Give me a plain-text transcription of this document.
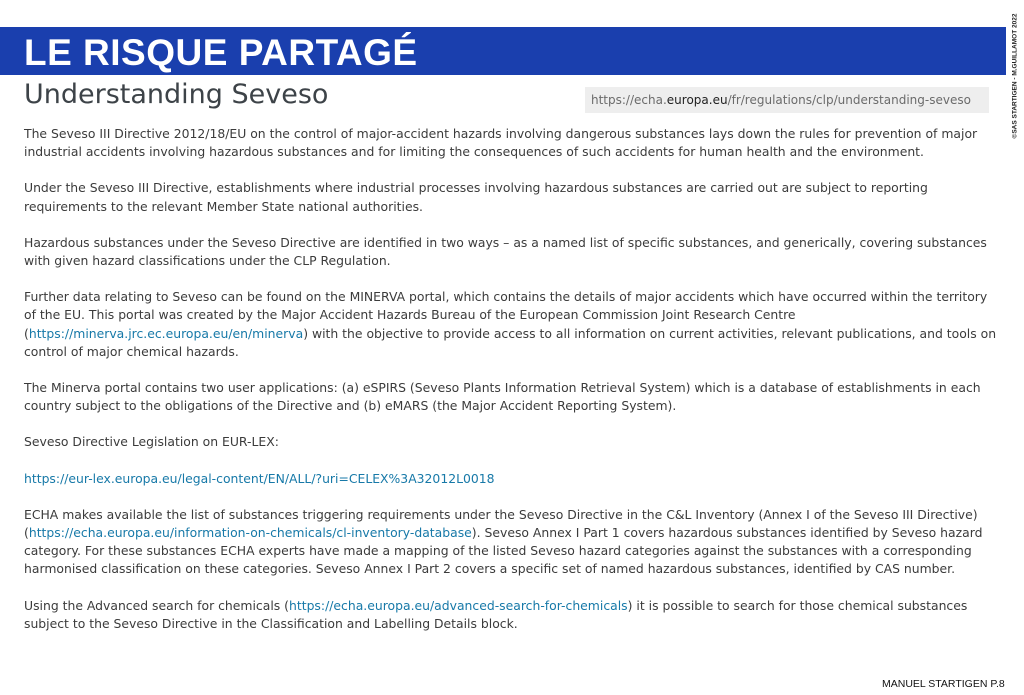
LE RISQUE PARTAGÉ	©SAS STARTIGEN - M.GUILLAMOT 2022
Understanding Seveso	https://echa.europa.eu/fr/regulations/clp/understanding-seveso

The Seveso III Directive 2012/18/EU on the control of major-accident hazards involving dangerous substances lays down the rules for prevention of major industrial accidents involving hazardous substances and for limiting the consequences of such accidents for human health and the environment.

Under the Seveso III Directive, establishments where industrial processes involving hazardous substances are carried out are subject to reporting requirements to the relevant Member State national authorities.

Hazardous substances under the Seveso Directive are identified in two ways – as a named list of specific substances, and generically, covering substances with given hazard classifications under the CLP Regulation.

Further data relating to Seveso can be found on the MINERVA portal, which contains the details of major accidents which have occurred within the territory of the EU. This portal was created by the Major Accident Hazards Bureau of the European Commission Joint Research Centre (https://minerva.jrc.ec.europa.eu/en/minerva) with the objective to provide access to all information on current activities, relevant publications, and tools on control of major chemical hazards.

The Minerva portal contains two user applications: (a) eSPIRS (Seveso Plants Information Retrieval System) which is a database of establishments in each country subject to the obligations of the Directive and (b) eMARS (the Major Accident Reporting System).

Seveso Directive Legislation on EUR-LEX:

https://eur-lex.europa.eu/legal-content/EN/ALL/?uri=CELEX%3A32012L0018

ECHA makes available the list of substances triggering requirements under the Seveso Directive in the C&L Inventory (Annex I of the Seveso III Directive) (https://echa.europa.eu/information-on-chemicals/cl-inventory-database). Seveso Annex I Part 1 covers hazardous substances identified by Seveso hazard category. For these substances ECHA experts have made a mapping of the listed Seveso hazard categories against the substances with a corresponding harmonised classification on these categories. Seveso Annex I Part 2 covers a specific set of named hazardous substances, identified by CAS number.

Using the Advanced search for chemicals (https://echa.europa.eu/advanced-search-for-chemicals) it is possible to search for those chemical substances subject to the Seveso Directive in the Classification and Labelling Details block.

MANUEL STARTIGEN P.8
